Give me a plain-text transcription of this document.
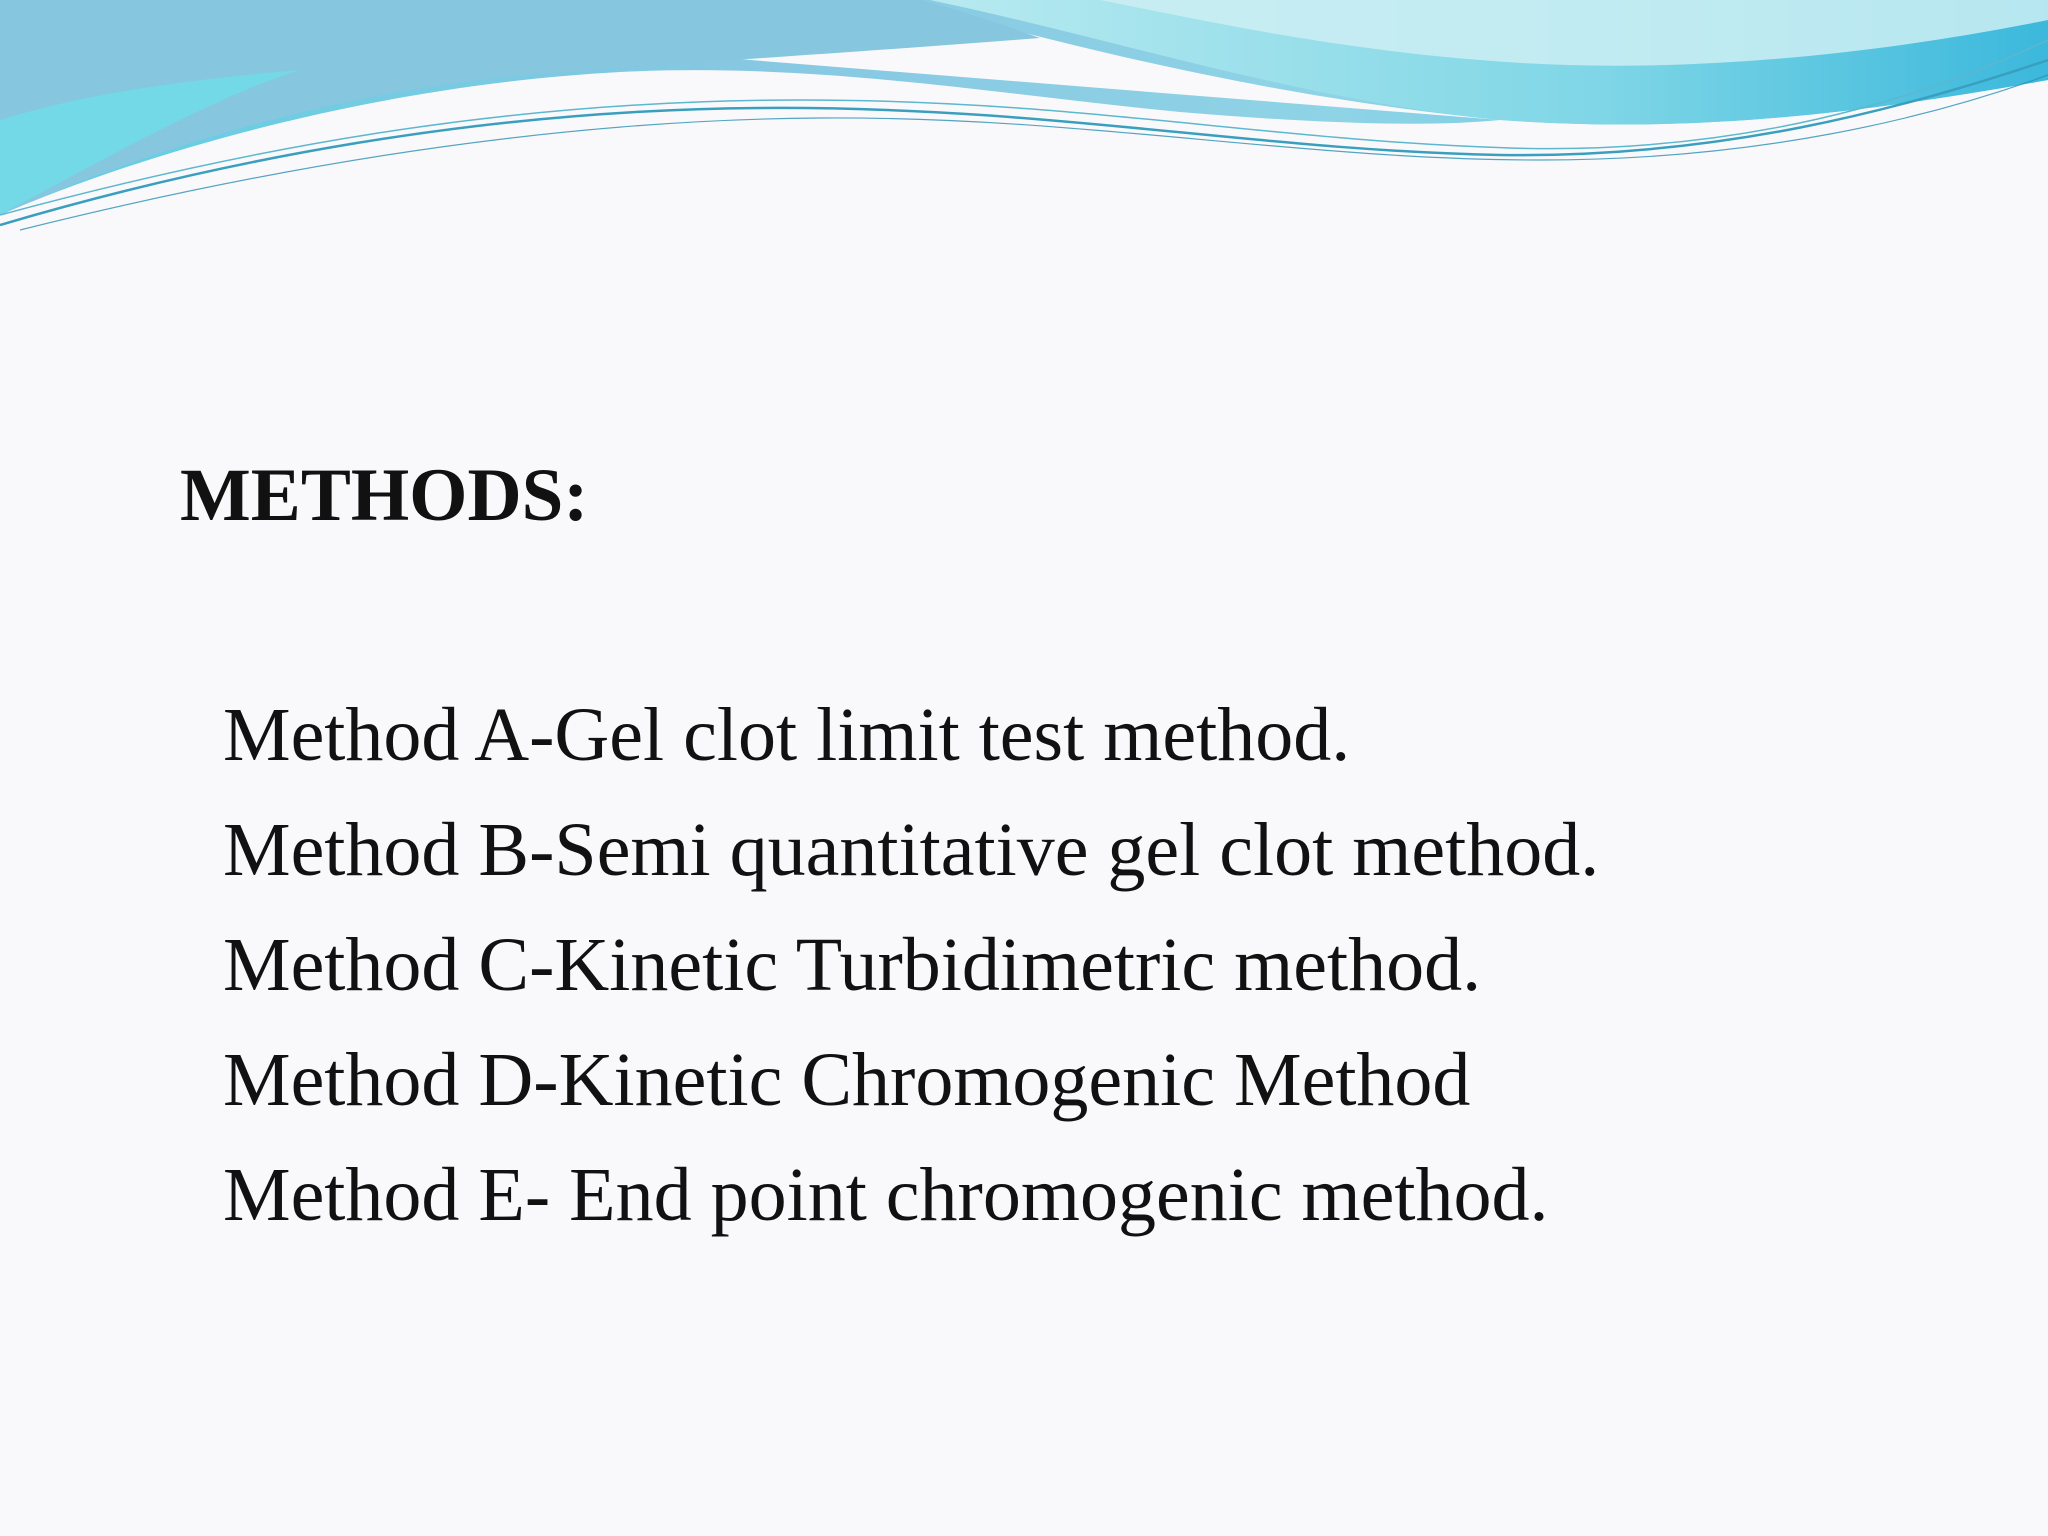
METHODS:
Method A-Gel clot limit test method.
Method B-Semi quantitative gel clot method.
Method C-Kinetic Turbidimetric method.
Method D-Kinetic Chromogenic Method
Method E- End point chromogenic method.
